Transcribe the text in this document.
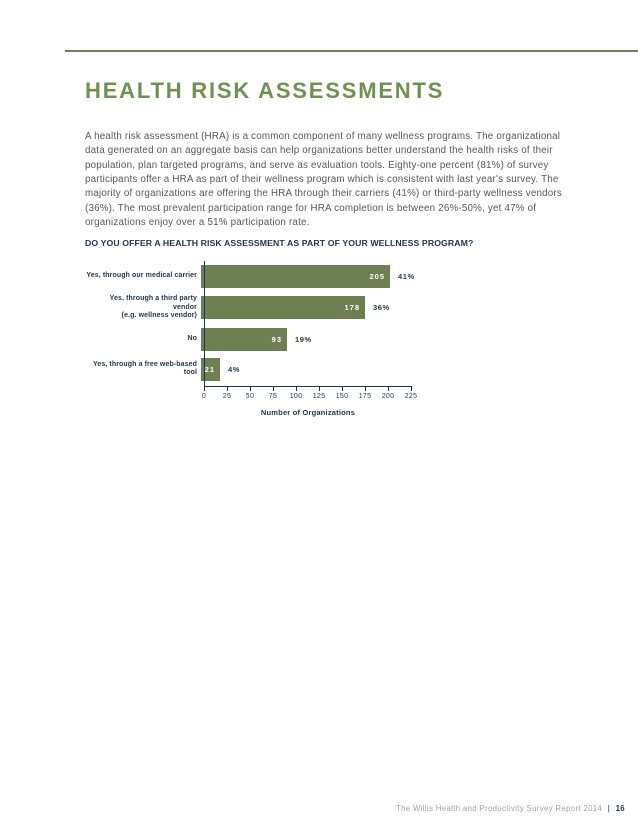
HEALTH RISK ASSESSMENTS

A health risk assessment (HRA) is a common component of many wellness programs. The organizational data generated on an aggregate basis can help organizations better understand the health risks of their population, plan targeted programs, and serve as evaluation tools. Eighty-one percent (81%) of survey participants offer a HRA as part of their wellness program which is consistent with last year's survey. The majority of organizations are offering the HRA through their carriers (41%) or third-party wellness vendors (36%). The most prevalent participation range for HRA completion is between 26%-50%, yet 47% of organizations enjoy over a 51% participation rate.

DO YOU OFFER A HEALTH RISK ASSESSMENT AS PART OF YOUR WELLNESS PROGRAM?
Yes, through our medical carrier	205 41%
Yes, through a third party vendor
(e.g. wellness vendor)
178 36%
No	93 19%
Yes, through a free web-based tool 21 4%
0 25 50 75 100 125 150 175 200 225
Number of Organizations
The Willis Health and Productivity Survey Report 2014 | 16
